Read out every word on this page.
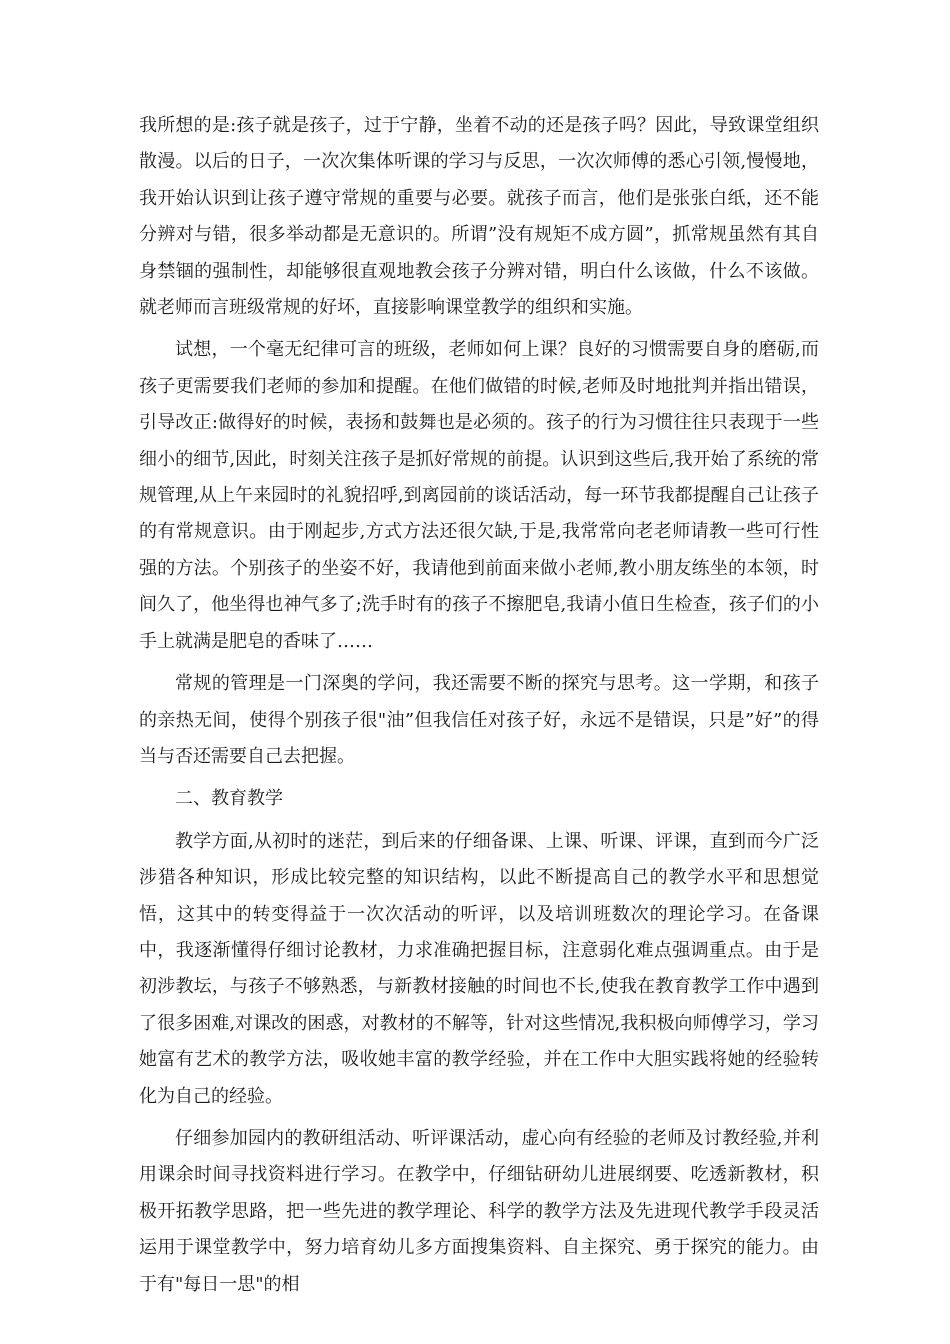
我所想的是:孩子就是孩子，过于宁静，坐着不动的还是孩子吗？因此，导致课堂组织散漫。以后的日子，一次次集体听课的学习与反思，一次次师傅的悉心引领,慢慢地，我开始认识到让孩子遵守常规的重要与必要。就孩子而言，他们是张张白纸，还不能分辨对与错，很多举动都是无意识的。所谓”没有规矩不成方圆”，抓常规虽然有其自身禁锢的强制性，却能够很直观地教会孩子分辨对错，明白什么该做，什么不该做。就老师而言班级常规的好坏，直接影响课堂教学的组织和实施。

试想，一个毫无纪律可言的班级，老师如何上课？良好的习惯需要自身的磨砺,而孩子更需要我们老师的参加和提醒。在他们做错的时候,老师及时地批判并指出错误，引导改正:做得好的时候，表扬和鼓舞也是必须的。孩子的行为习惯往往只表现于一些细小的细节,因此，时刻关注孩子是抓好常规的前提。认识到这些后,我开始了系统的常规管理,从上午来园时的礼貌招呼,到离园前的谈话活动，每一环节我都提醒自己让孩子的有常规意识。由于刚起步,方式方法还很欠缺,于是,我常常向老老师请教一些可行性强的方法。个别孩子的坐姿不好，我请他到前面来做小老师,教小朋友练坐的本领，时间久了，他坐得也神气多了;洗手时有的孩子不擦肥皂,我请小值日生检查，孩子们的小手上就满是肥皂的香味了……

常规的管理是一门深奥的学问，我还需要不断的探究与思考。这一学期，和孩子的亲热无间，使得个别孩子很"油”但我信任对孩子好，永远不是错误，只是”好”的得当与否还需要自己去把握。

二、教育教学

教学方面,从初时的迷茫，到后来的仔细备课、上课、听课、评课，直到而今广泛涉猎各种知识，形成比较完整的知识结构，以此不断提高自己的教学水平和思想觉悟，这其中的转变得益于一次次活动的听评，以及培训班数次的理论学习。在备课中，我逐渐懂得仔细讨论教材，力求准确把握目标，注意弱化难点强调重点。由于是初涉教坛，与孩子不够熟悉，与新教材接触的时间也不长,使我在教育教学工作中遇到了很多困难,对课改的困惑，对教材的不解等，针对这些情况,我积极向师傅学习，学习她富有艺术的教学方法，吸收她丰富的教学经验，并在工作中大胆实践将她的经验转化为自己的经验。

仔细参加园内的教研组活动、听评课活动，虚心向有经验的老师及讨教经验,并利用课余时间寻找资料进行学习。在教学中，仔细钻研幼儿进展纲要、吃透新教材，积极开拓教学思路，把一些先进的教学理论、科学的教学方法及先进现代教学手段灵活运用于课堂教学中，努力培育幼儿多方面搜集资料、自主探究、勇于探究的能力。由于有"每日一思"的相
